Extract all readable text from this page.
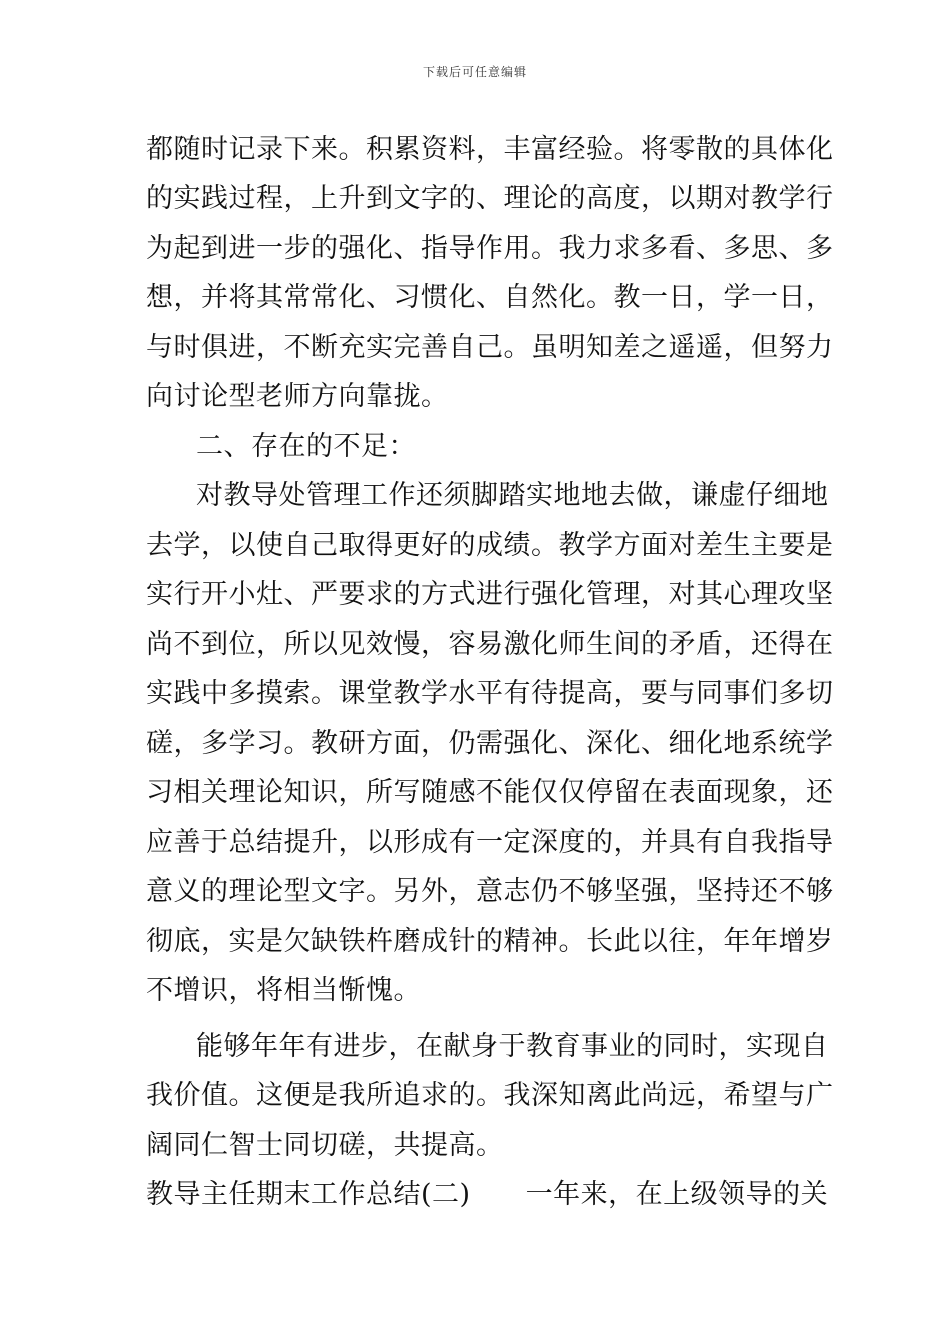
下载后可任意编辑
都随时记录下来。积累资料，丰富经验。将零散的具体化
的实践过程，上升到文字的、理论的高度，以期对教学行
为起到进一步的强化、指导作用。我力求多看、多思、多
想，并将其常常化、习惯化、自然化。教一日，学一日，
与时俱进，不断充实完善自己。虽明知差之遥遥，但努力
向讨论型老师方向靠拢。
二、存在的不足：
对教导处管理工作还须脚踏实地地去做，谦虚仔细地
去学，以使自己取得更好的成绩。教学方面对差生主要是
实行开小灶、严要求的方式进行强化管理，对其心理攻坚
尚不到位，所以见效慢，容易激化师生间的矛盾，还得在
实践中多摸索。课堂教学水平有待提高，要与同事们多切
磋，多学习。教研方面，仍需强化、深化、细化地系统学
习相关理论知识，所写随感不能仅仅停留在表面现象，还
应善于总结提升，以形成有一定深度的，并具有自我指导
意义的理论型文字。另外，意志仍不够坚强，坚持还不够
彻底，实是欠缺铁杵磨成针的精神。长此以往，年年增岁
不增识，将相当惭愧。
能够年年有进步，在献身于教育事业的同时，实现自
我价值。这便是我所追求的。我深知离此尚远，希望与广
阔同仁智士同切磋，共提高。
教导主任期末工作总结(二)　　一年来，在上级领导的关
